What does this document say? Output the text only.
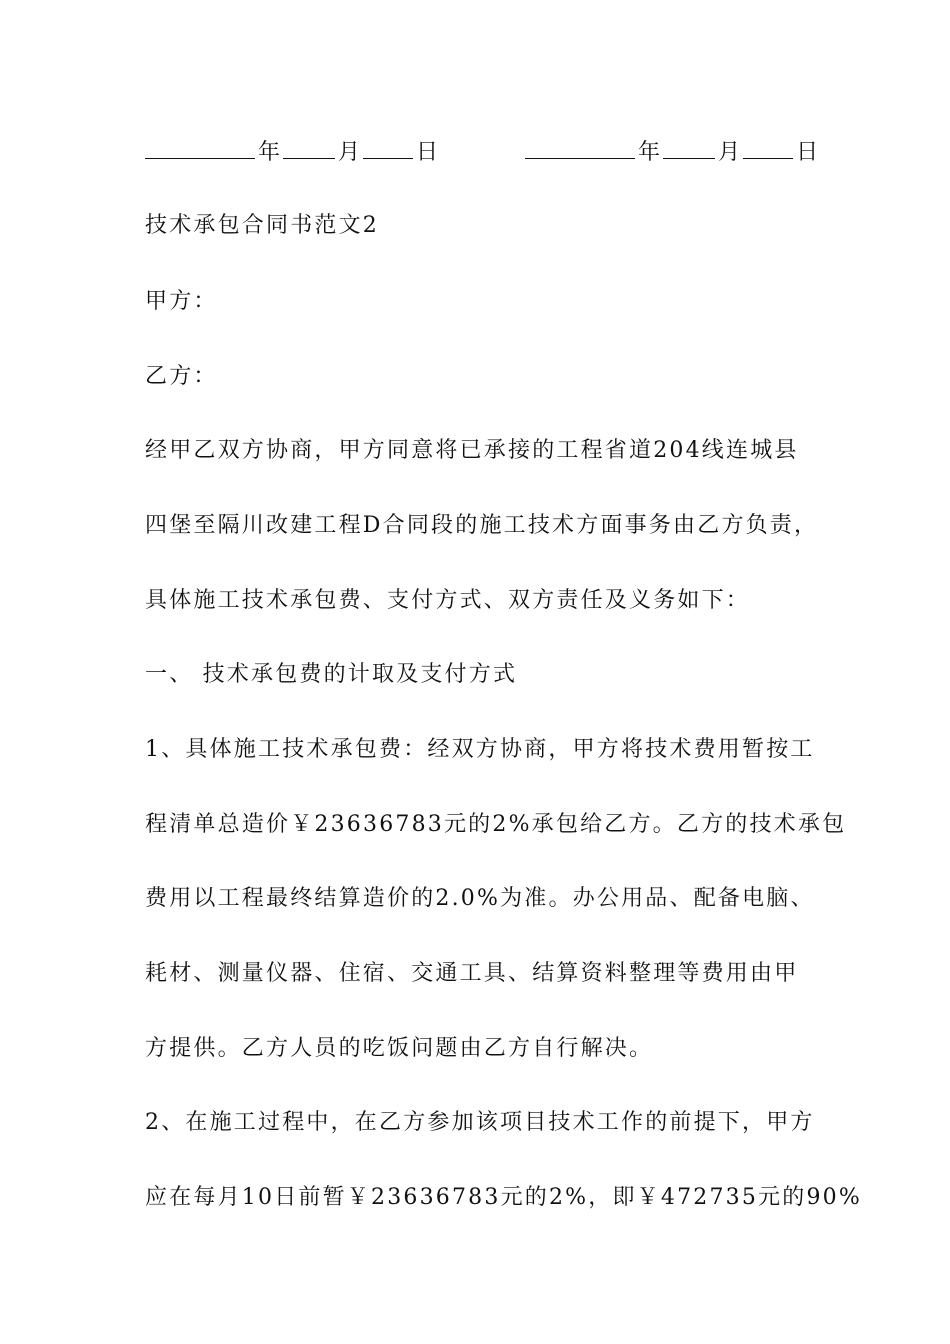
年	月	日	年	月	日
技术承包合同书范文2
甲方：
乙方：
经甲乙双方协商，甲方同意将已承接的工程省道204线连城县
四堡至隔川改建工程D合同段的施工技术方面事务由乙方负责，
具体施工技术承包费、支付方式、双方责任及义务如下：
一、 技术承包费的计取及支付方式
1、具体施工技术承包费：经双方协商，甲方将技术费用暂按工
程清单总造价￥23636783元的2%承包给乙方。乙方的技术承包
费用以工程最终结算造价的2.0%为准。办公用品、配备电脑、
耗材、测量仪器、住宿、交通工具、结算资料整理等费用由甲
方提供。乙方人员的吃饭问题由乙方自行解决。
2、在施工过程中，在乙方参加该项目技术工作的前提下，甲方
应在每月10日前暂￥23636783元的2%，即￥472735元的90%
